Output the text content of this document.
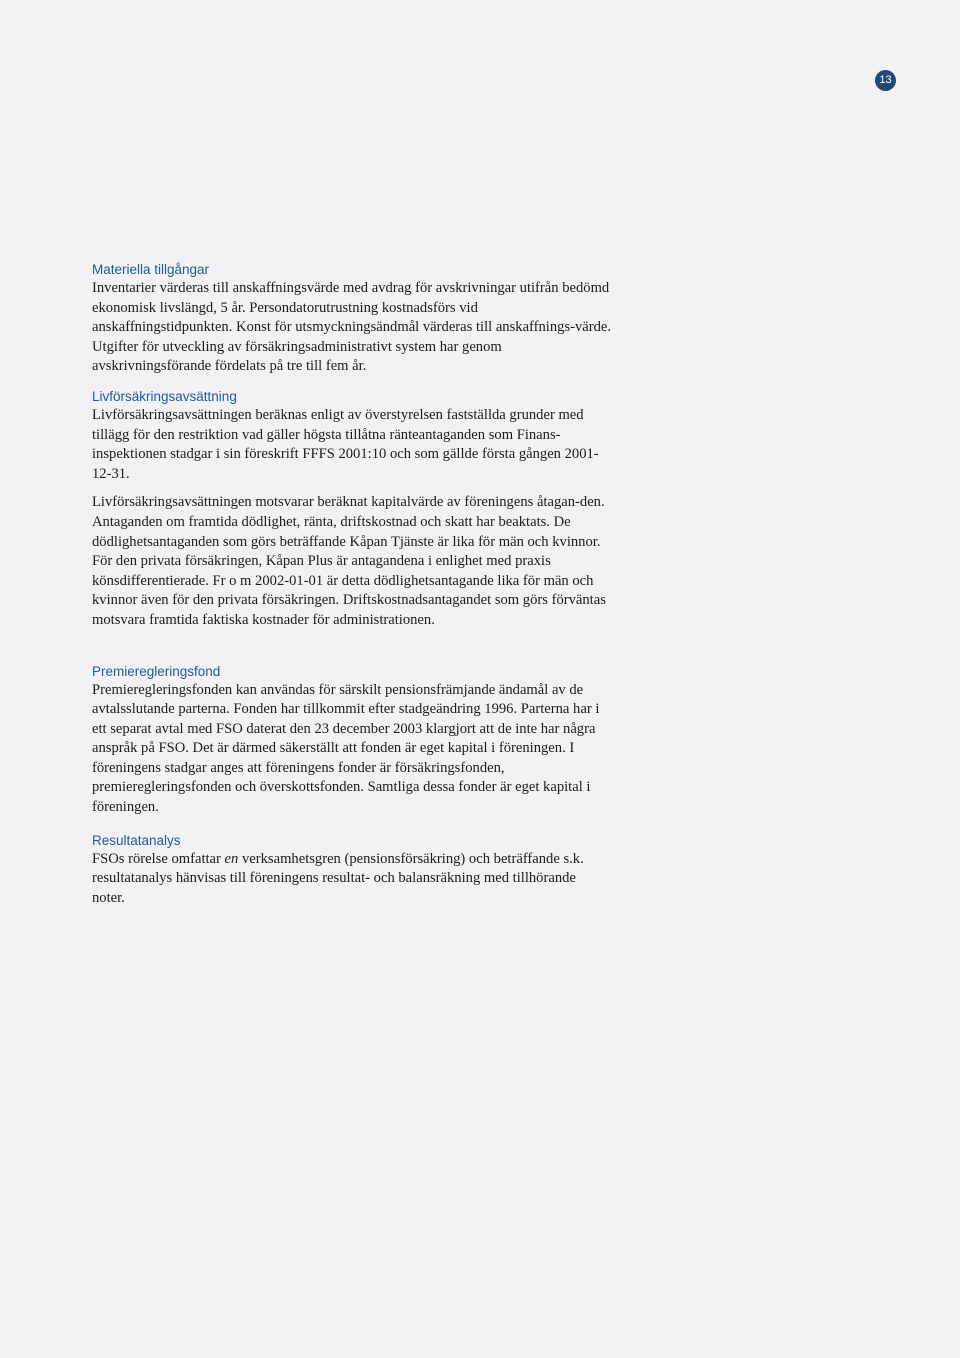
13

Materiella tillgångar

Inventarier värderas till anskaffningsvärde med avdrag för avskrivningar utifrån bedömd ekonomisk livslängd, 5 år. Persondatorutrustning kostnadsförs vid anskaffningstidpunkten. Konst för utsmyckningsändmål värderas till anskaffnings-värde. Utgifter för utveckling av försäkringsadministrativt system har genom avskrivningsförande fördelats på tre till fem år.

Livförsäkringsavsättning

Livförsäkringsavsättningen beräknas enligt av överstyrelsen fastställda grunder med tillägg för den restriktion vad gäller högsta tillåtna ränteantaganden som Finans-inspektionen stadgar i sin föreskrift FFFS 2001:10 och som gällde första gången 2001-12-31.

Livförsäkringsavsättningen motsvarar beräknat kapitalvärde av föreningens åtagan-den. Antaganden om framtida dödlighet, ränta, driftskostnad och skatt har beaktats. De dödlighetsantaganden som görs beträffande Kåpan Tjänste är lika för män och kvinnor. För den privata försäkringen, Kåpan Plus är antagandena i enlighet med praxis könsdifferentierade. Fr o m 2002-01-01 är detta dödlighetsantagande lika för män och kvinnor även för den privata försäkringen. Driftskostnadsantagandet som görs förväntas motsvara framtida faktiska kostnader för administrationen.

Premieregleringsfond

Premieregleringsfonden kan användas för särskilt pensionsfrämjande ändamål av de avtalsslutande parterna. Fonden har tillkommit efter stadgeändring 1996. Parterna har i ett separat avtal med FSO daterat den 23 december 2003 klargjort att de inte har några anspråk på FSO. Det är därmed säkerställt att fonden är eget kapital i föreningen. I föreningens stadgar anges att föreningens fonder är försäkringsfonden, premieregleringsfonden och överskottsfonden. Samtliga dessa fonder är eget kapital i föreningen.

Resultatanalys

FSOs rörelse omfattar en verksamhetsgren (pensionsförsäkring) och beträffande s.k. resultatanalys hänvisas till föreningens resultat- och balansräkning med tillhörande noter.
